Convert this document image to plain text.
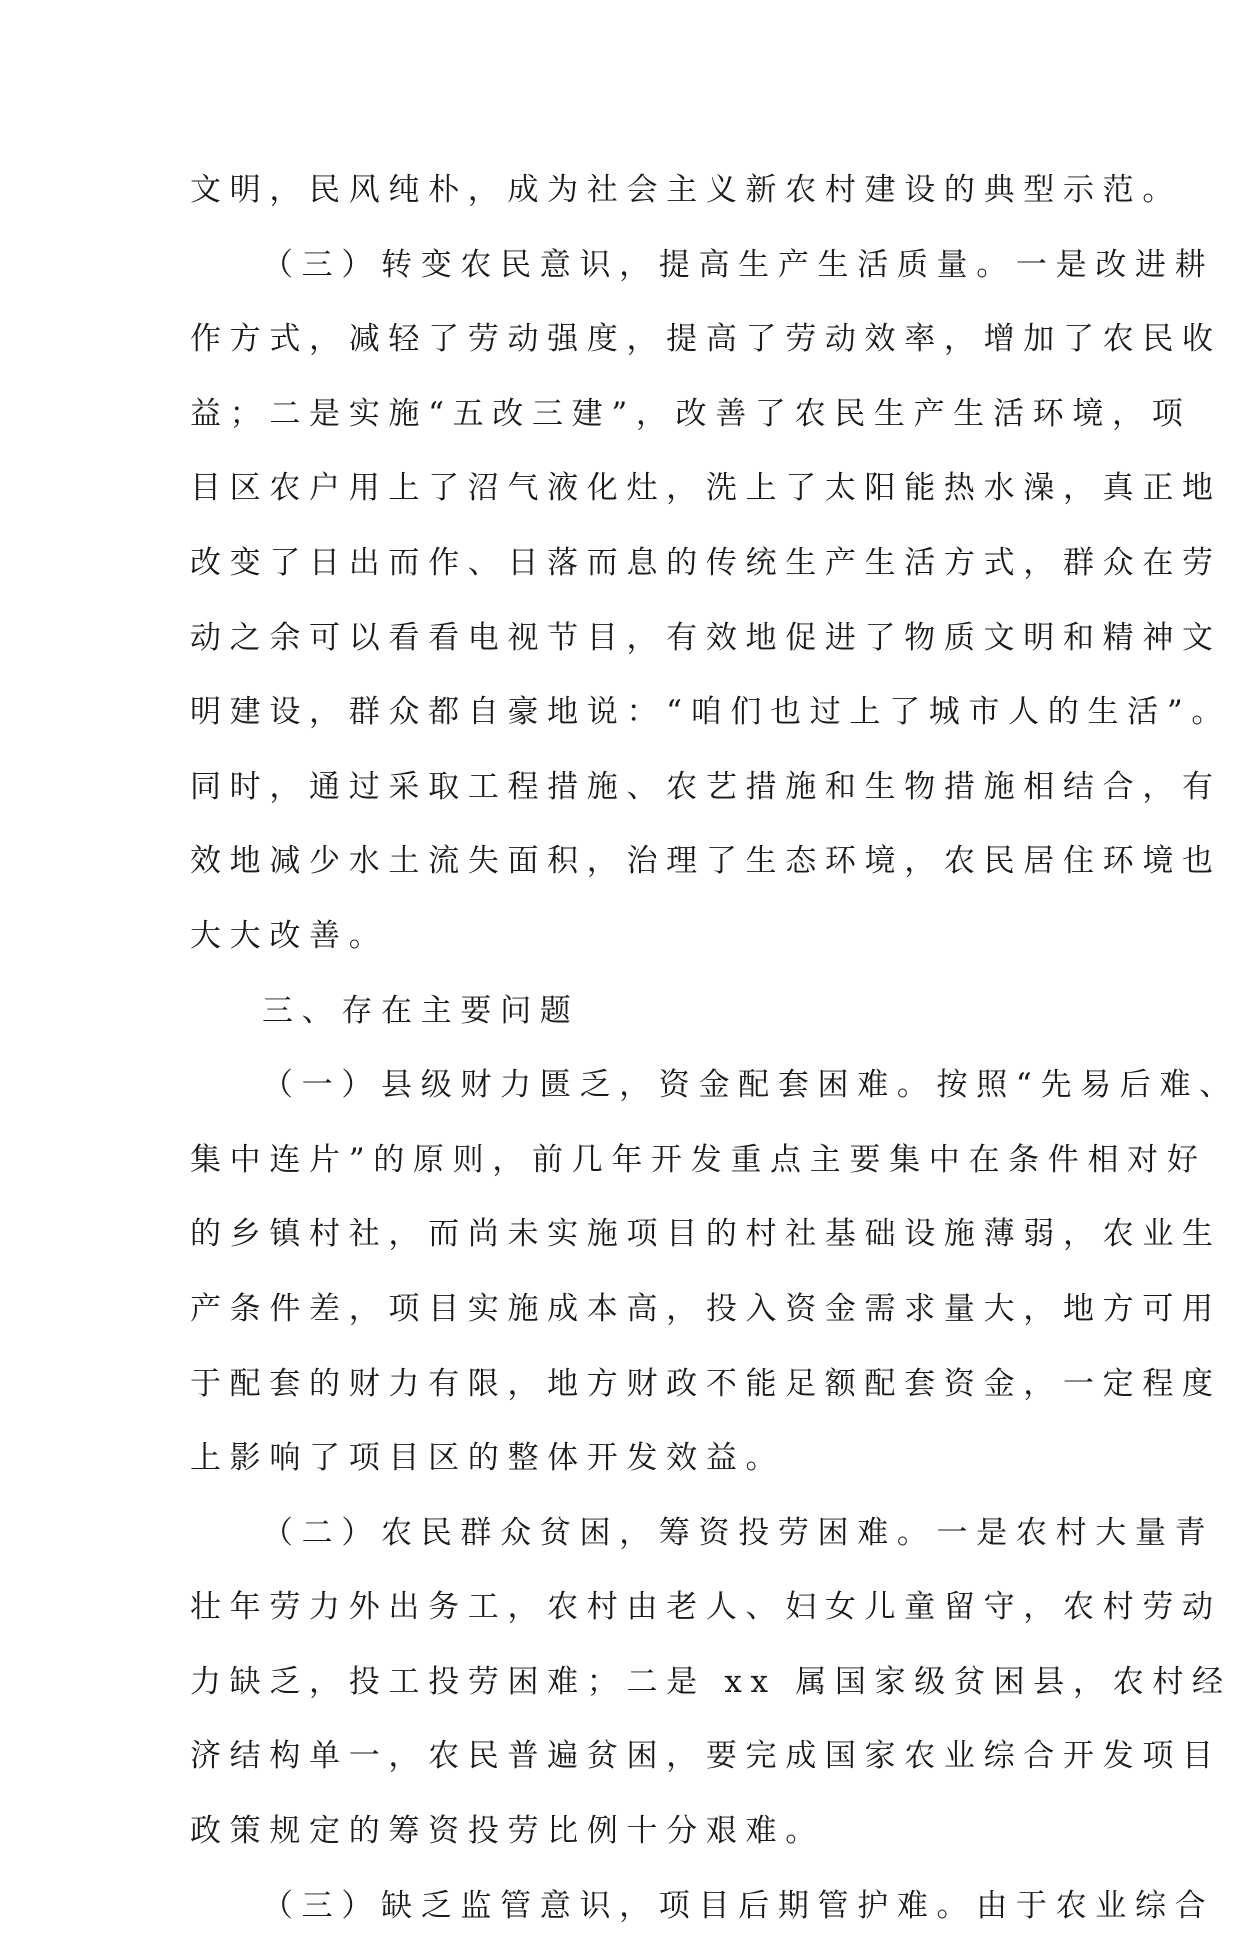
文明，民风纯朴，成为社会主义新农村建设的典型示范。
（三）转变农民意识，提高生产生活质量。一是改进耕
作方式，减轻了劳动强度，提高了劳动效率，增加了农民收
益；二是实施“五改三建”，改善了农民生产生活环境，项
目区农户用上了沼气液化灶，洗上了太阳能热水澡，真正地
改变了日出而作、日落而息的传统生产生活方式，群众在劳
动之余可以看看电视节目，有效地促进了物质文明和精神文
明建设，群众都自豪地说：“咱们也过上了城市人的生活”。
同时，通过采取工程措施、农艺措施和生物措施相结合，有
效地减少水土流失面积，治理了生态环境，农民居住环境也
大大改善。
三、存在主要问题
（一）县级财力匮乏，资金配套困难。按照“先易后难、
集中连片”的原则，前几年开发重点主要集中在条件相对好
的乡镇村社，而尚未实施项目的村社基础设施薄弱，农业生
产条件差，项目实施成本高，投入资金需求量大，地方可用
于配套的财力有限，地方财政不能足额配套资金，一定程度
上影响了项目区的整体开发效益。
（二）农民群众贫困，筹资投劳困难。一是农村大量青
壮年劳力外出务工，农村由老人、妇女儿童留守，农村劳动
力缺乏，投工投劳困难；二是 xx 属国家级贫困县，农村经
济结构单一，农民普遍贫困，要完成国家农业综合开发项目
政策规定的筹资投劳比例十分艰难。
（三）缺乏监管意识，项目后期管护难。由于农业综合
